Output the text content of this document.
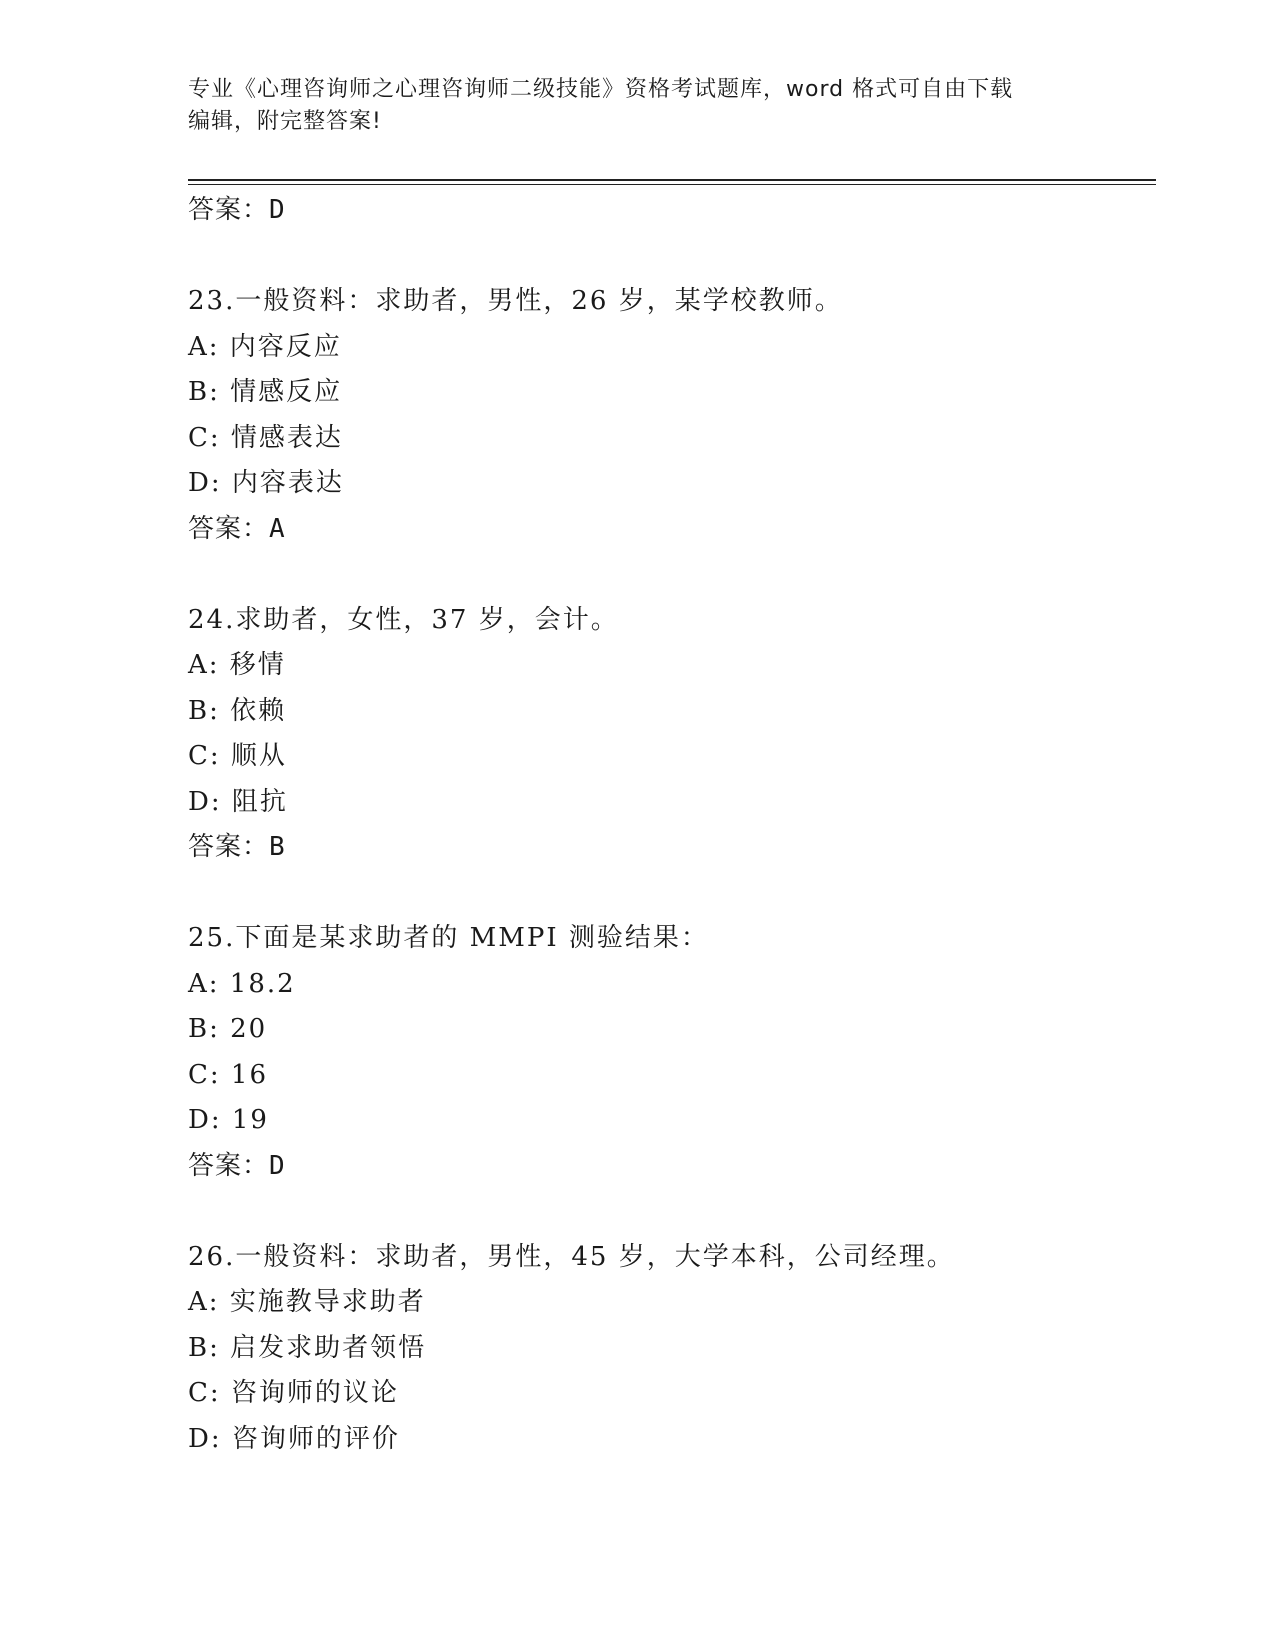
专业《心理咨询师之心理咨询师二级技能》资格考试题库，word 格式可自由下载
编辑，附完整答案!
答案：D
23.一般资料：求助者，男性，26 岁，某学校教师。
A: 内容反应
B: 情感反应
C: 情感表达
D: 内容表达
答案：A
24.求助者，女性，37 岁，会计。
A: 移情
B: 依赖
C: 顺从
D: 阻抗
答案：B
25.下面是某求助者的 MMPI 测验结果：
A: 18.2
B: 20
C: 16
D: 19
答案：D
26.一般资料：求助者，男性，45 岁，大学本科，公司经理。
A: 实施教导求助者
B: 启发求助者领悟
C: 咨询师的议论
D: 咨询师的评价
